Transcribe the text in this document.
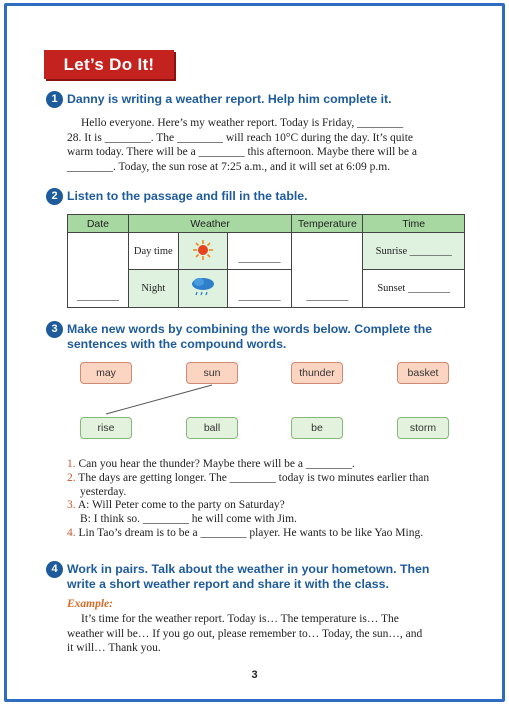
Let’s Do It!
1 Danny is writing a weather report. Help him complete it.

Hello everyone. Here’s my weather report. Today is Friday, ________

28. It is ________. The ________ will reach 10°C during the day. It’s quite

warm today. There will be a ________ this afternoon. Maybe there will be a

________. Today, the sun rose at 7:25 a.m., and it will set at 6:09 p.m.

2 Listen to the passage and fill in the table.
Date	Weather			Temperature	Time
________	Day time		________	________	Sunrise ________
	Night		________		Sunset ________
3 Make new words by combining the words below. Complete the
sentences with the compound words.
may	sun	thunder	basket
rise	ball	be	storm
1. Can you hear the thunder? Maybe there will be a ________.
2. The days are getting longer. The ________ today is two minutes earlier than
yesterday.
3. A: Will Peter come to the party on Saturday?
B: I think so. ________ he will come with Jim.
4. Lin Tao’s dream is to be a ________ player. He wants to be like Yao Ming.
4 Work in pairs. Talk about the weather in your hometown. Then
write a short weather report and share it with the class.
Example:

It’s time for the weather report. Today is… The temperature is… The

weather will be… If you go out, please remember to… Today, the sun…, and

it will… Thank you.

3
